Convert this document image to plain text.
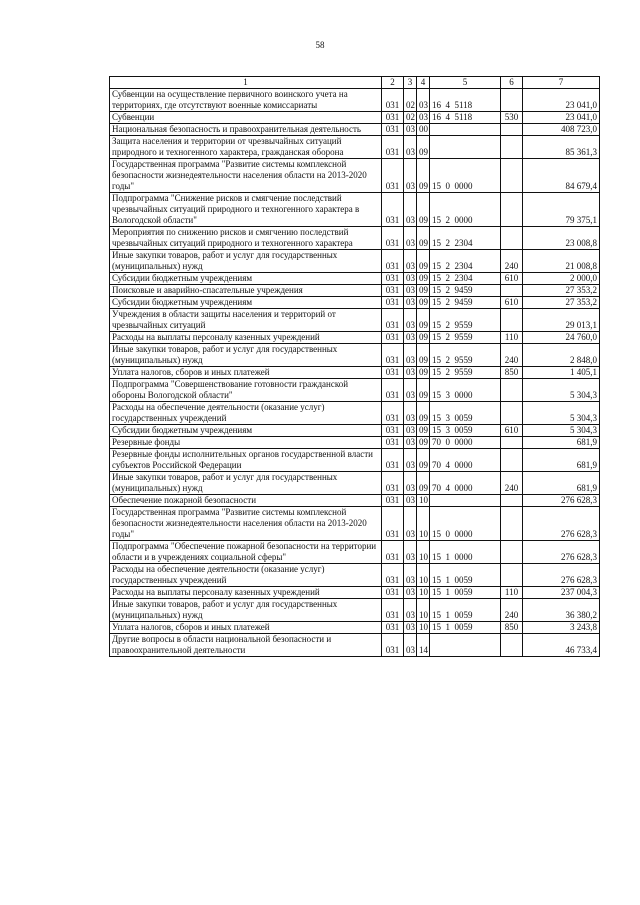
58
1	2	3	4	5	6	7
Субвенции на осуществление первичного воинского учета на территориях, где отсутствуют военные комиссариаты	031	02	03	16  4  5118		23 041,0
Субвенции	031	02	03	16  4  5118	530	23 041,0
Национальная безопасность и правоохранительная деятельность	031	03	00			408 723,0
Защита населения и территории от чрезвычайных ситуаций природного и техногенного характера, гражданская оборона	031	03	09			85 361,3
Государственная программа "Развитие системы комплексной безопасности жизнедеятельности населения области на 2013-2020 годы"	031	03	09	15  0  0000		84 679,4
Подпрограмма "Снижение рисков и смягчение последствий чрезвычайных ситуаций природного и техногенного характера в Вологодской области"	031	03	09	15  2  0000		79 375,1
Мероприятия по снижению рисков и смягчению последствий чрезвычайных ситуаций природного и техногенного характера	031	03	09	15  2  2304		23 008,8
Иные закупки товаров, работ и услуг для государственных (муниципальных) нужд	031	03	09	15  2  2304	240	21 008,8
Субсидии бюджетным учреждениям	031	03	09	15  2  2304	610	2 000,0
Поисковые и аварийно-спасательные учреждения	031	03	09	15  2  9459		27 353,2
Субсидии бюджетным учреждениям	031	03	09	15  2  9459	610	27 353,2
Учреждения в области защиты населения и территорий от чрезвычайных ситуаций	031	03	09	15  2  9559		29 013,1
Расходы на выплаты персоналу казенных учреждений	031	03	09	15  2  9559	110	24 760,0
Иные закупки товаров, работ и услуг для государственных (муниципальных) нужд	031	03	09	15  2  9559	240	2 848,0
Уплата налогов, сборов и иных платежей	031	03	09	15  2  9559	850	1 405,1
Подпрограмма "Совершенствование готовности гражданской обороны Вологодской области"	031	03	09	15  3  0000		5 304,3
Расходы на обеспечение деятельности (оказание услуг) государственных учреждений	031	03	09	15  3  0059		5 304,3
Субсидии бюджетным учреждениям	031	03	09	15  3  0059	610	5 304,3
Резервные фонды	031	03	09	70  0  0000		681,9
Резервные фонды исполнительных органов государственной власти субъектов Российской Федерации	031	03	09	70  4  0000		681,9
Иные закупки товаров, работ и услуг для государственных (муниципальных) нужд	031	03	09	70  4  0000	240	681,9
Обеспечение пожарной безопасности	031	03	10			276 628,3
Государственная программа "Развитие системы комплексной безопасности жизнедеятельности населения области на 2013-2020 годы"	031	03	10	15  0  0000		276 628,3
Подпрограмма "Обеспечение пожарной безопасности на территории области и в учреждениях социальной сферы"	031	03	10	15  1  0000		276 628,3
Расходы на обеспечение деятельности (оказание услуг) государственных учреждений	031	03	10	15  1  0059		276 628,3
Расходы на выплаты персоналу казенных учреждений	031	03	10	15  1  0059	110	237 004,3
Иные закупки товаров, работ и услуг для государственных (муниципальных) нужд	031	03	10	15  1  0059	240	36 380,2
Уплата налогов, сборов и иных платежей	031	03	10	15  1  0059	850	3 243,8
Другие вопросы в области национальной безопасности и правоохранительной деятельности	031	03	14			46 733,4
